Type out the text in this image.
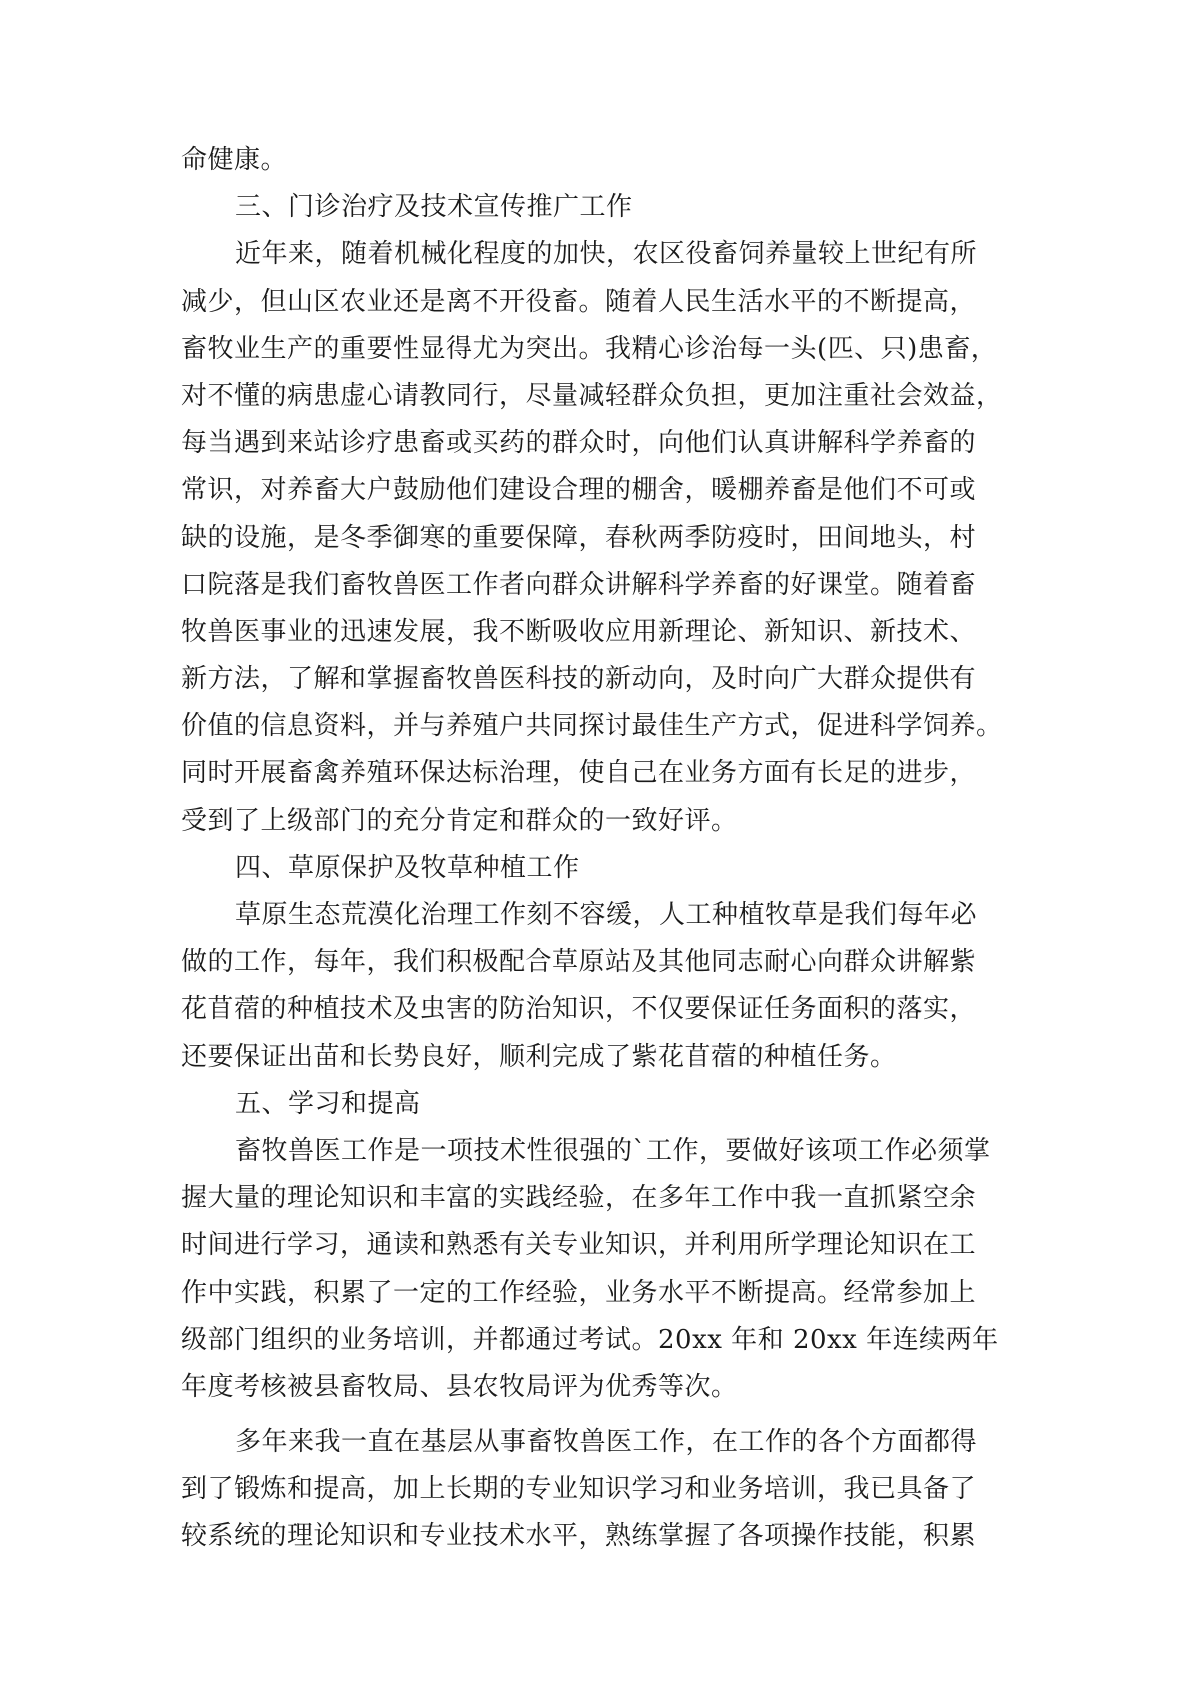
命健康。
三、门诊治疗及技术宣传推广工作
近年来，随着机械化程度的加快，农区役畜饲养量较上世纪有所
减少，但山区农业还是离不开役畜。随着人民生活水平的不断提高，
畜牧业生产的重要性显得尤为突出。我精心诊治每一头(匹、只)患畜，
对不懂的病患虚心请教同行，尽量减轻群众负担，更加注重社会效益，
每当遇到来站诊疗患畜或买药的群众时，向他们认真讲解科学养畜的
常识，对养畜大户鼓励他们建设合理的棚舍，暖棚养畜是他们不可或
缺的设施，是冬季御寒的重要保障，春秋两季防疫时，田间地头，村
口院落是我们畜牧兽医工作者向群众讲解科学养畜的好课堂。随着畜
牧兽医事业的迅速发展，我不断吸收应用新理论、新知识、新技术、
新方法，了解和掌握畜牧兽医科技的新动向，及时向广大群众提供有
价值的信息资料，并与养殖户共同探讨最佳生产方式，促进科学饲养。
同时开展畜禽养殖环保达标治理，使自己在业务方面有长足的进步，
受到了上级部门的充分肯定和群众的一致好评。
四、草原保护及牧草种植工作
草原生态荒漠化治理工作刻不容缓，人工种植牧草是我们每年必
做的工作，每年，我们积极配合草原站及其他同志耐心向群众讲解紫
花苜蓿的种植技术及虫害的防治知识，不仅要保证任务面积的落实，
还要保证出苗和长势良好，顺利完成了紫花苜蓿的种植任务。
五、学习和提高
畜牧兽医工作是一项技术性很强的`工作，要做好该项工作必须掌
握大量的理论知识和丰富的实践经验，在多年工作中我一直抓紧空余
时间进行学习，通读和熟悉有关专业知识，并利用所学理论知识在工
作中实践，积累了一定的工作经验，业务水平不断提高。经常参加上
级部门组织的业务培训，并都通过考试。20xx 年和 20xx 年连续两年
年度考核被县畜牧局、县农牧局评为优秀等次。
多年来我一直在基层从事畜牧兽医工作，在工作的各个方面都得
到了锻炼和提高，加上长期的专业知识学习和业务培训，我已具备了
较系统的理论知识和专业技术水平，熟练掌握了各项操作技能，积累
